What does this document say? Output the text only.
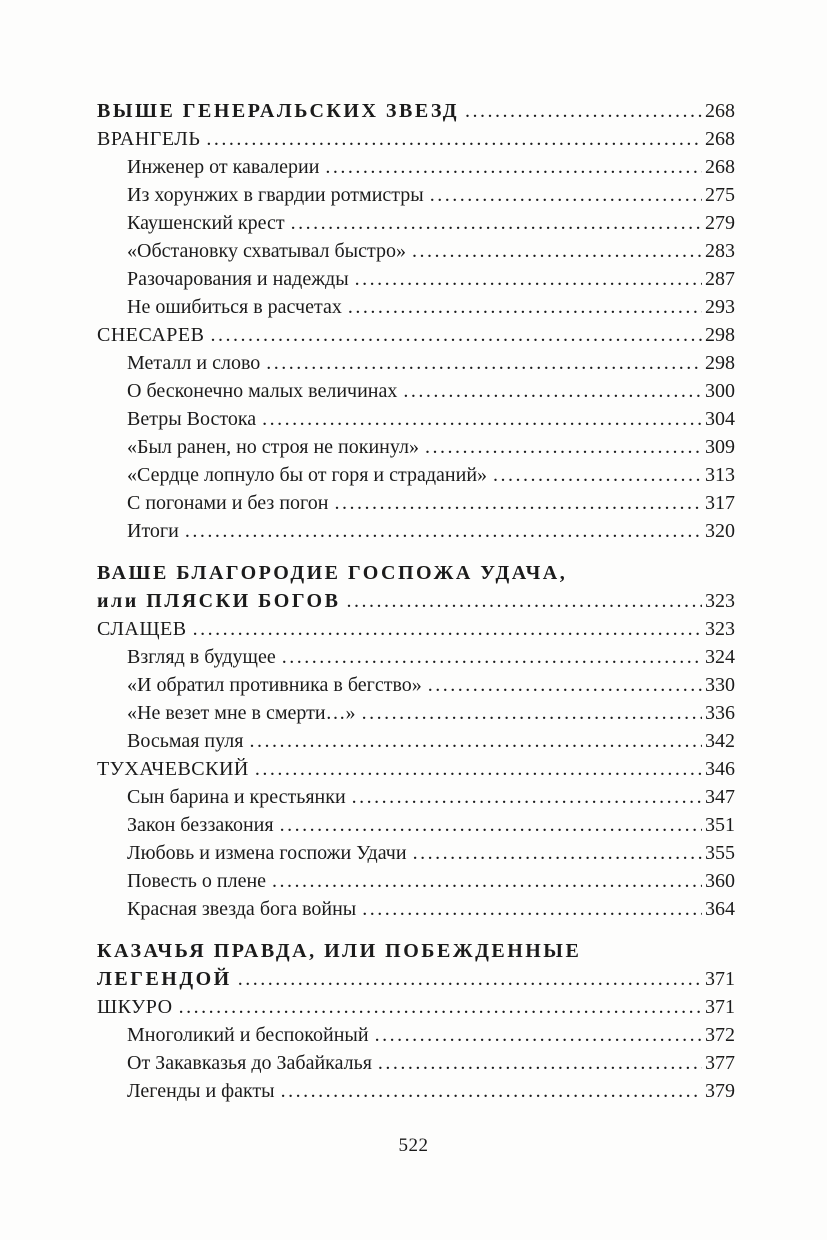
ВЫШЕ ГЕНЕРАЛЬСКИХ ЗВЕЗД .....	268
ВРАНГЕЛЬ .....	268
Инженер от кавалерии .....	268
Из хорунжих в гвардии ротмистры .....	275
Каушенский крест .....	279
«Обстановку схватывал быстро» .....	283
Разочарования и надежды .....	287
Не ошибиться в расчетах .....	293
СНЕСАРЕВ .....	298
Металл и слово .....	298
О бесконечно малых величинах .....	300
Ветры Востока .....	304
«Был ранен, но строя не покинул» .....	309
«Сердце лопнуло бы от горя и страданий» .....	313
С погонами и без погон .....	317
Итоги .....	320
ВАШЕ БЛАГОРОДИЕ ГОСПОЖА УДАЧА,
или ПЛЯСКИ БОГОВ .....	323
СЛАЩЕВ .....	323
Взгляд в будущее .....	324
«И обратил противника в бегство» .....	330
«Не везет мне в смерти…» .....	336
Восьмая пуля .....	342
ТУХАЧЕВСКИЙ .....	346
Сын барина и крестьянки .....	347
Закон беззакония .....	351
Любовь и измена госпожи Удачи .....	355
Повесть о плене .....	360
Красная звезда бога войны .....	364
КАЗАЧЬЯ ПРАВДА, ИЛИ ПОБЕЖДЕННЫЕ
ЛЕГЕНДОЙ .....	371
ШКУРО .....	371
Многоликий и беспокойный .....	372
От Закавказья до Забайкалья .....	377
Легенды и факты .....	379
522
